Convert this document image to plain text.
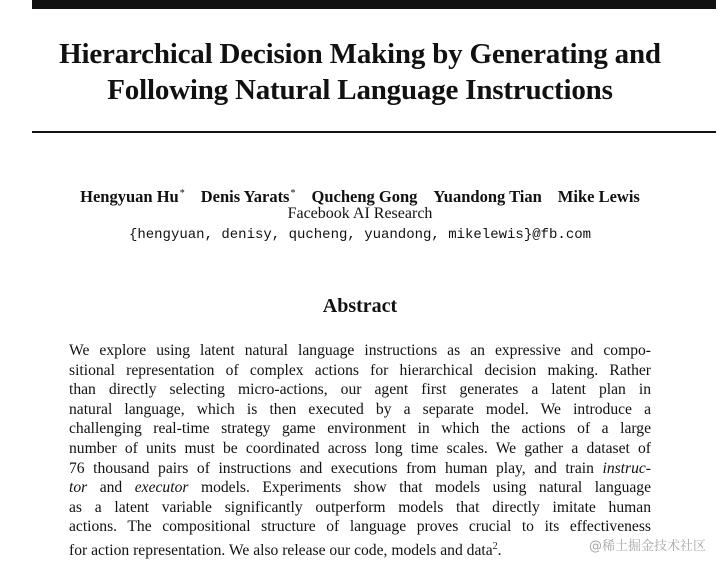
Hierarchical Decision Making by Generating and
Following Natural Language Instructions
Hengyuan Hu* Denis Yarats* Qucheng Gong Yuandong Tian Mike Lewis
Facebook AI Research
{hengyuan, denisy, qucheng, yuandong, mikelewis}@fb.com
Abstract
We explore using latent natural language instructions as an expressive and compo-
sitional representation of complex actions for hierarchical decision making. Rather
than directly selecting micro-actions, our agent first generates a latent plan in
natural language, which is then executed by a separate model. We introduce a
challenging real-time strategy game environment in which the actions of a large
number of units must be coordinated across long time scales. We gather a dataset of
76 thousand pairs of instructions and executions from human play, and train instruc-
tor and executor models. Experiments show that models using natural language
as a latent variable significantly outperform models that directly imitate human
actions. The compositional structure of language proves crucial to its effectiveness
for action representation. We also release our code, models and data$^2$.	@稀土掘金技术社区
